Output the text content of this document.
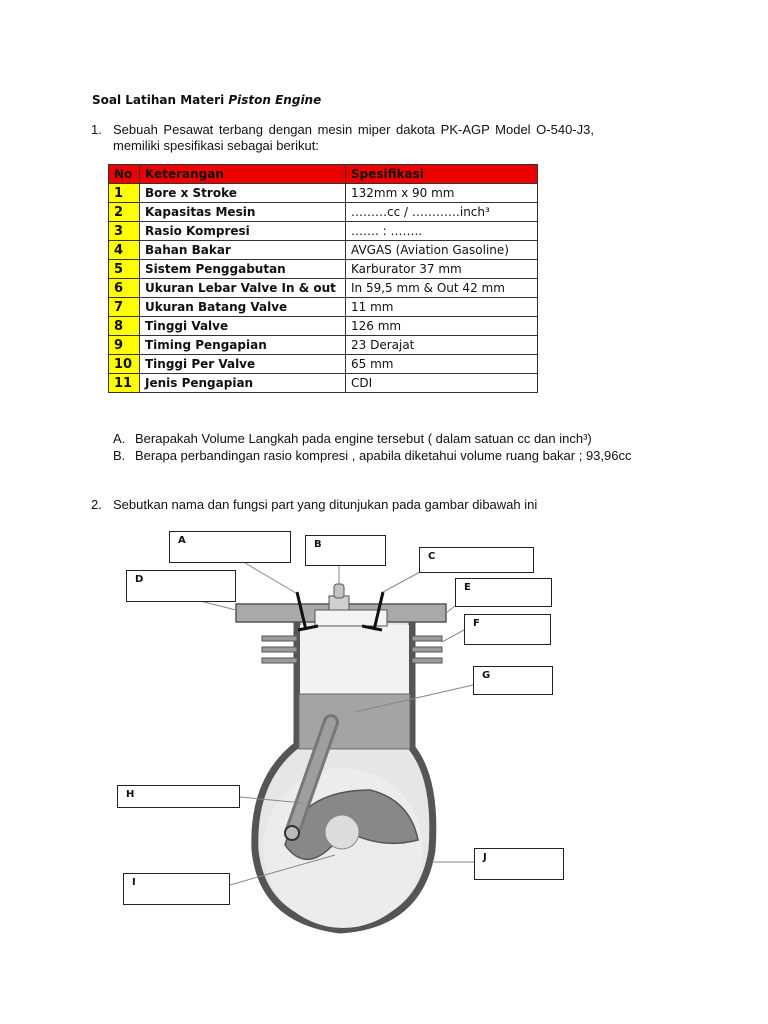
Soal Latihan Materi Piston Engine
1. Sebuah Pesawat terbang dengan mesin miper dakota PK-AGP Model O-540-J3,
memiliki spesifikasi sebagai berikut:
No	Keterangan	Spesifikasi
1	Bore x Stroke	132mm x 90 mm
2	Kapasitas Mesin	………cc / …………inch³
3	Rasio Kompresi	……. : ……..
4	Bahan Bakar	AVGAS (Aviation Gasoline)
5	Sistem Penggabutan	Karburator 37 mm
6	Ukuran Lebar Valve In & out	In 59,5 mm & Out 42 mm
7	Ukuran Batang Valve	11 mm
8	Tinggi Valve	126 mm
9	Timing Pengapian	23 Derajat
10	Tinggi Per Valve	65 mm
11	Jenis Pengapian	CDI
A. Berapakah Volume Langkah pada engine tersebut ( dalam satuan cc dan inch³)
B. Berapa perbandingan rasio kompresi , apabila diketahui volume ruang bakar ; 93,96cc
2. Sebutkan nama dan fungsi part yang ditunjukan pada gambar dibawah ini
A	B
C
D
E
F
G
H
I
J
